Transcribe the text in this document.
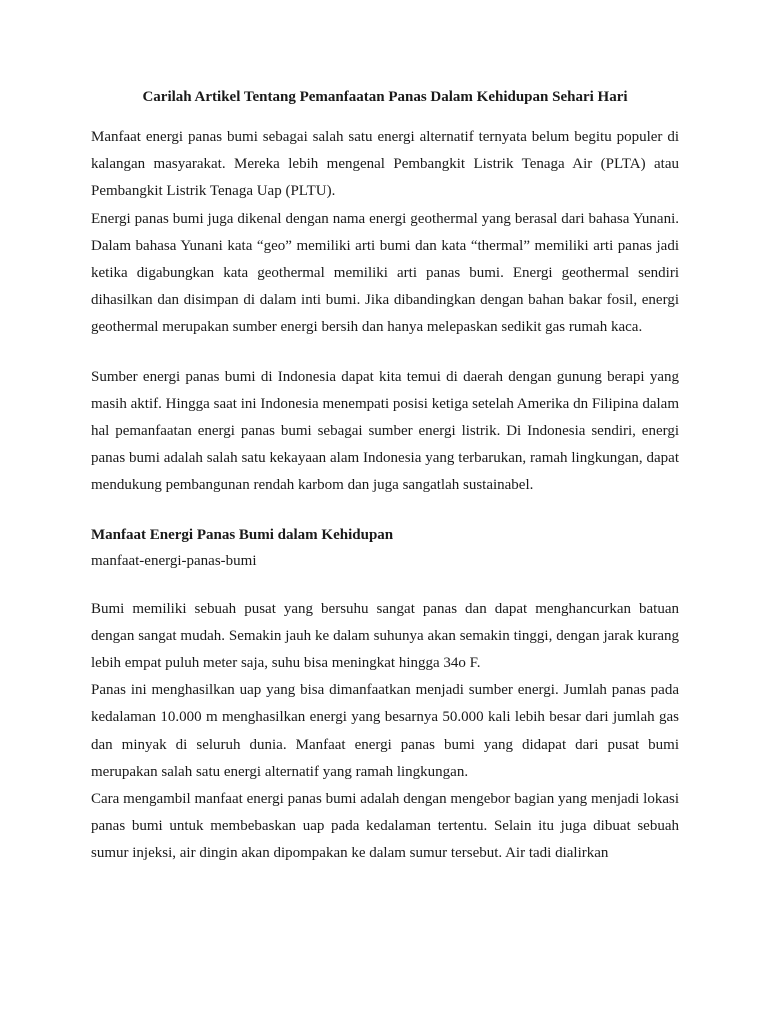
Carilah Artikel Tentang Pemanfaatan Panas Dalam Kehidupan Sehari Hari

Manfaat energi panas bumi sebagai salah satu energi alternatif ternyata belum begitu populer di kalangan masyarakat. Mereka lebih mengenal Pembangkit Listrik Tenaga Air (PLTA) atau Pembangkit Listrik Tenaga Uap (PLTU).

Energi panas bumi juga dikenal dengan nama energi geothermal yang berasal dari bahasa Yunani. Dalam bahasa Yunani kata “geo” memiliki arti bumi dan kata “thermal” memiliki arti panas jadi ketika digabungkan kata geothermal memiliki arti panas bumi. Energi geothermal sendiri dihasilkan dan disimpan di dalam inti bumi. Jika dibandingkan dengan bahan bakar fosil, energi geothermal merupakan sumber energi bersih dan hanya melepaskan sedikit gas rumah kaca.

Sumber energi panas bumi di Indonesia dapat kita temui di daerah dengan gunung berapi yang masih aktif. Hingga saat ini Indonesia menempati posisi ketiga setelah Amerika dn Filipina dalam hal pemanfaatan energi panas bumi sebagai sumber energi listrik. Di Indonesia sendiri, energi panas bumi adalah salah satu kekayaan alam Indonesia yang terbarukan, ramah lingkungan, dapat mendukung pembangunan rendah karbom dan juga sangatlah sustainabel.

Manfaat Energi Panas Bumi dalam Kehidupan

manfaat-energi-panas-bumi

Bumi memiliki sebuah pusat yang bersuhu sangat panas dan dapat menghancurkan batuan dengan sangat mudah. Semakin jauh ke dalam suhunya akan semakin tinggi, dengan jarak kurang lebih empat puluh meter saja, suhu bisa meningkat hingga 34o F.

Panas ini menghasilkan uap yang bisa dimanfaatkan menjadi sumber energi. Jumlah panas pada kedalaman 10.000 m menghasilkan energi yang besarnya 50.000 kali lebih besar dari jumlah gas dan minyak di seluruh dunia. Manfaat energi panas bumi yang didapat dari pusat bumi merupakan salah satu energi alternatif yang ramah lingkungan.

Cara mengambil manfaat energi panas bumi adalah dengan mengebor bagian yang menjadi lokasi panas bumi untuk membebaskan uap pada kedalaman tertentu. Selain itu juga dibuat sebuah sumur injeksi, air dingin akan dipompakan ke dalam sumur tersebut. Air tadi dialirkan
